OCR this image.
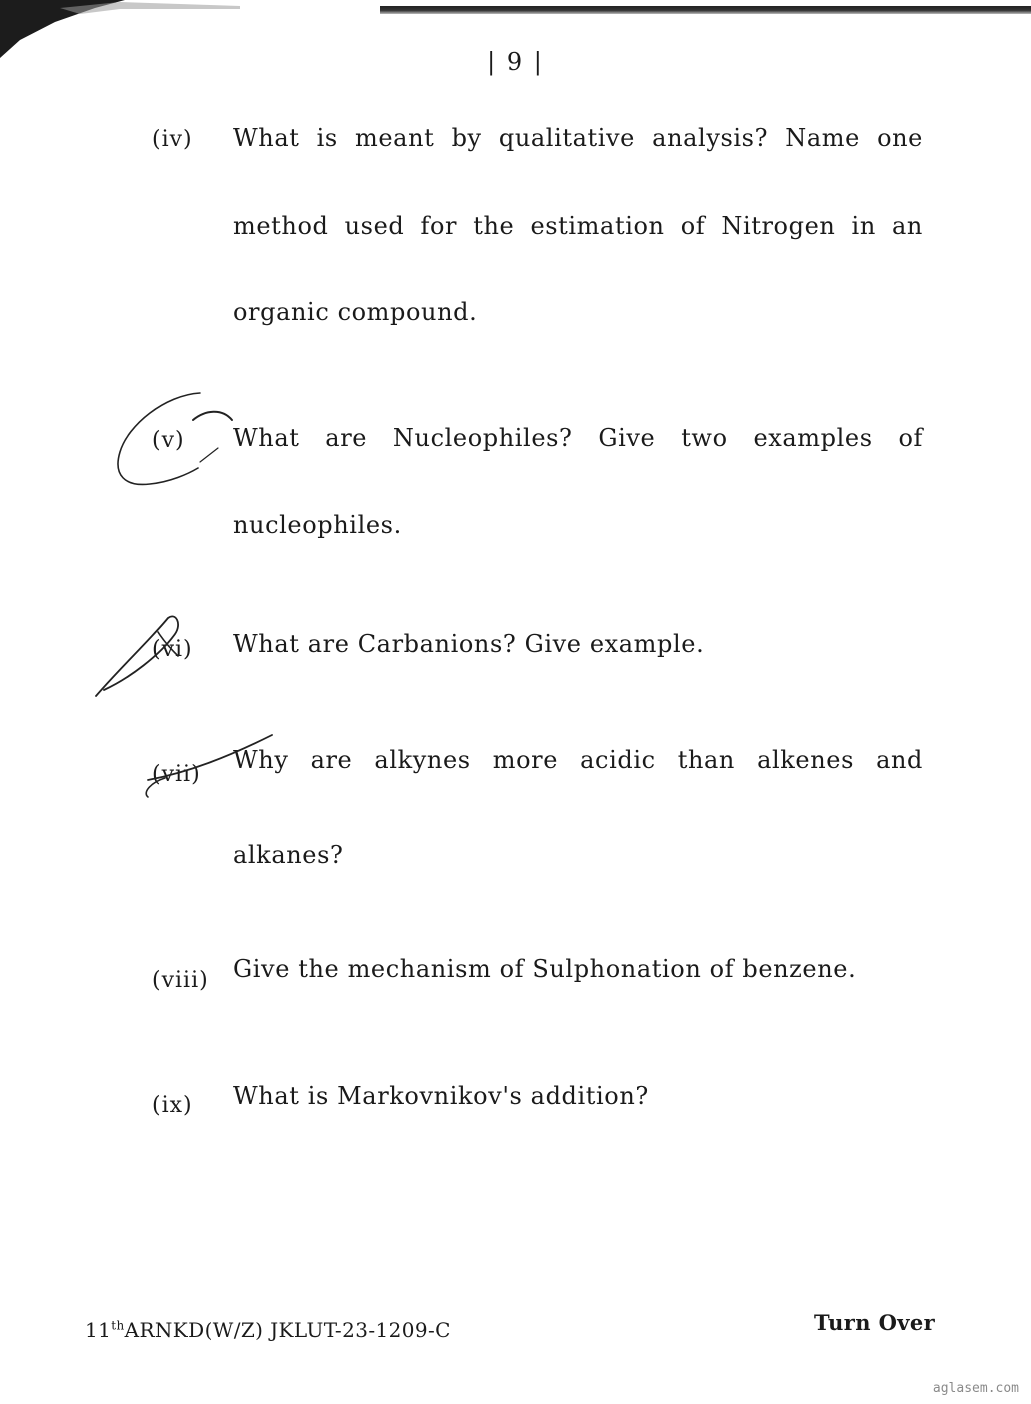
| 9 |
(iv) What is meant by qualitative analysis? Name one
method used for the estimation of Nitrogen in an
organic compound.
(v) What are Nucleophiles? Give two examples of
nucleophiles.
(vi) What are Carbanions? Give example.
(vii)
Why are alkynes more acidic than alkenes and
alkanes?
(viii) Give the mechanism of Sulphonation of benzene.
(ix) What is Markovnikov's addition?
11thARNKD(W/Z) JKLUT-23-1209-C	Turn Over
aglasem.com
